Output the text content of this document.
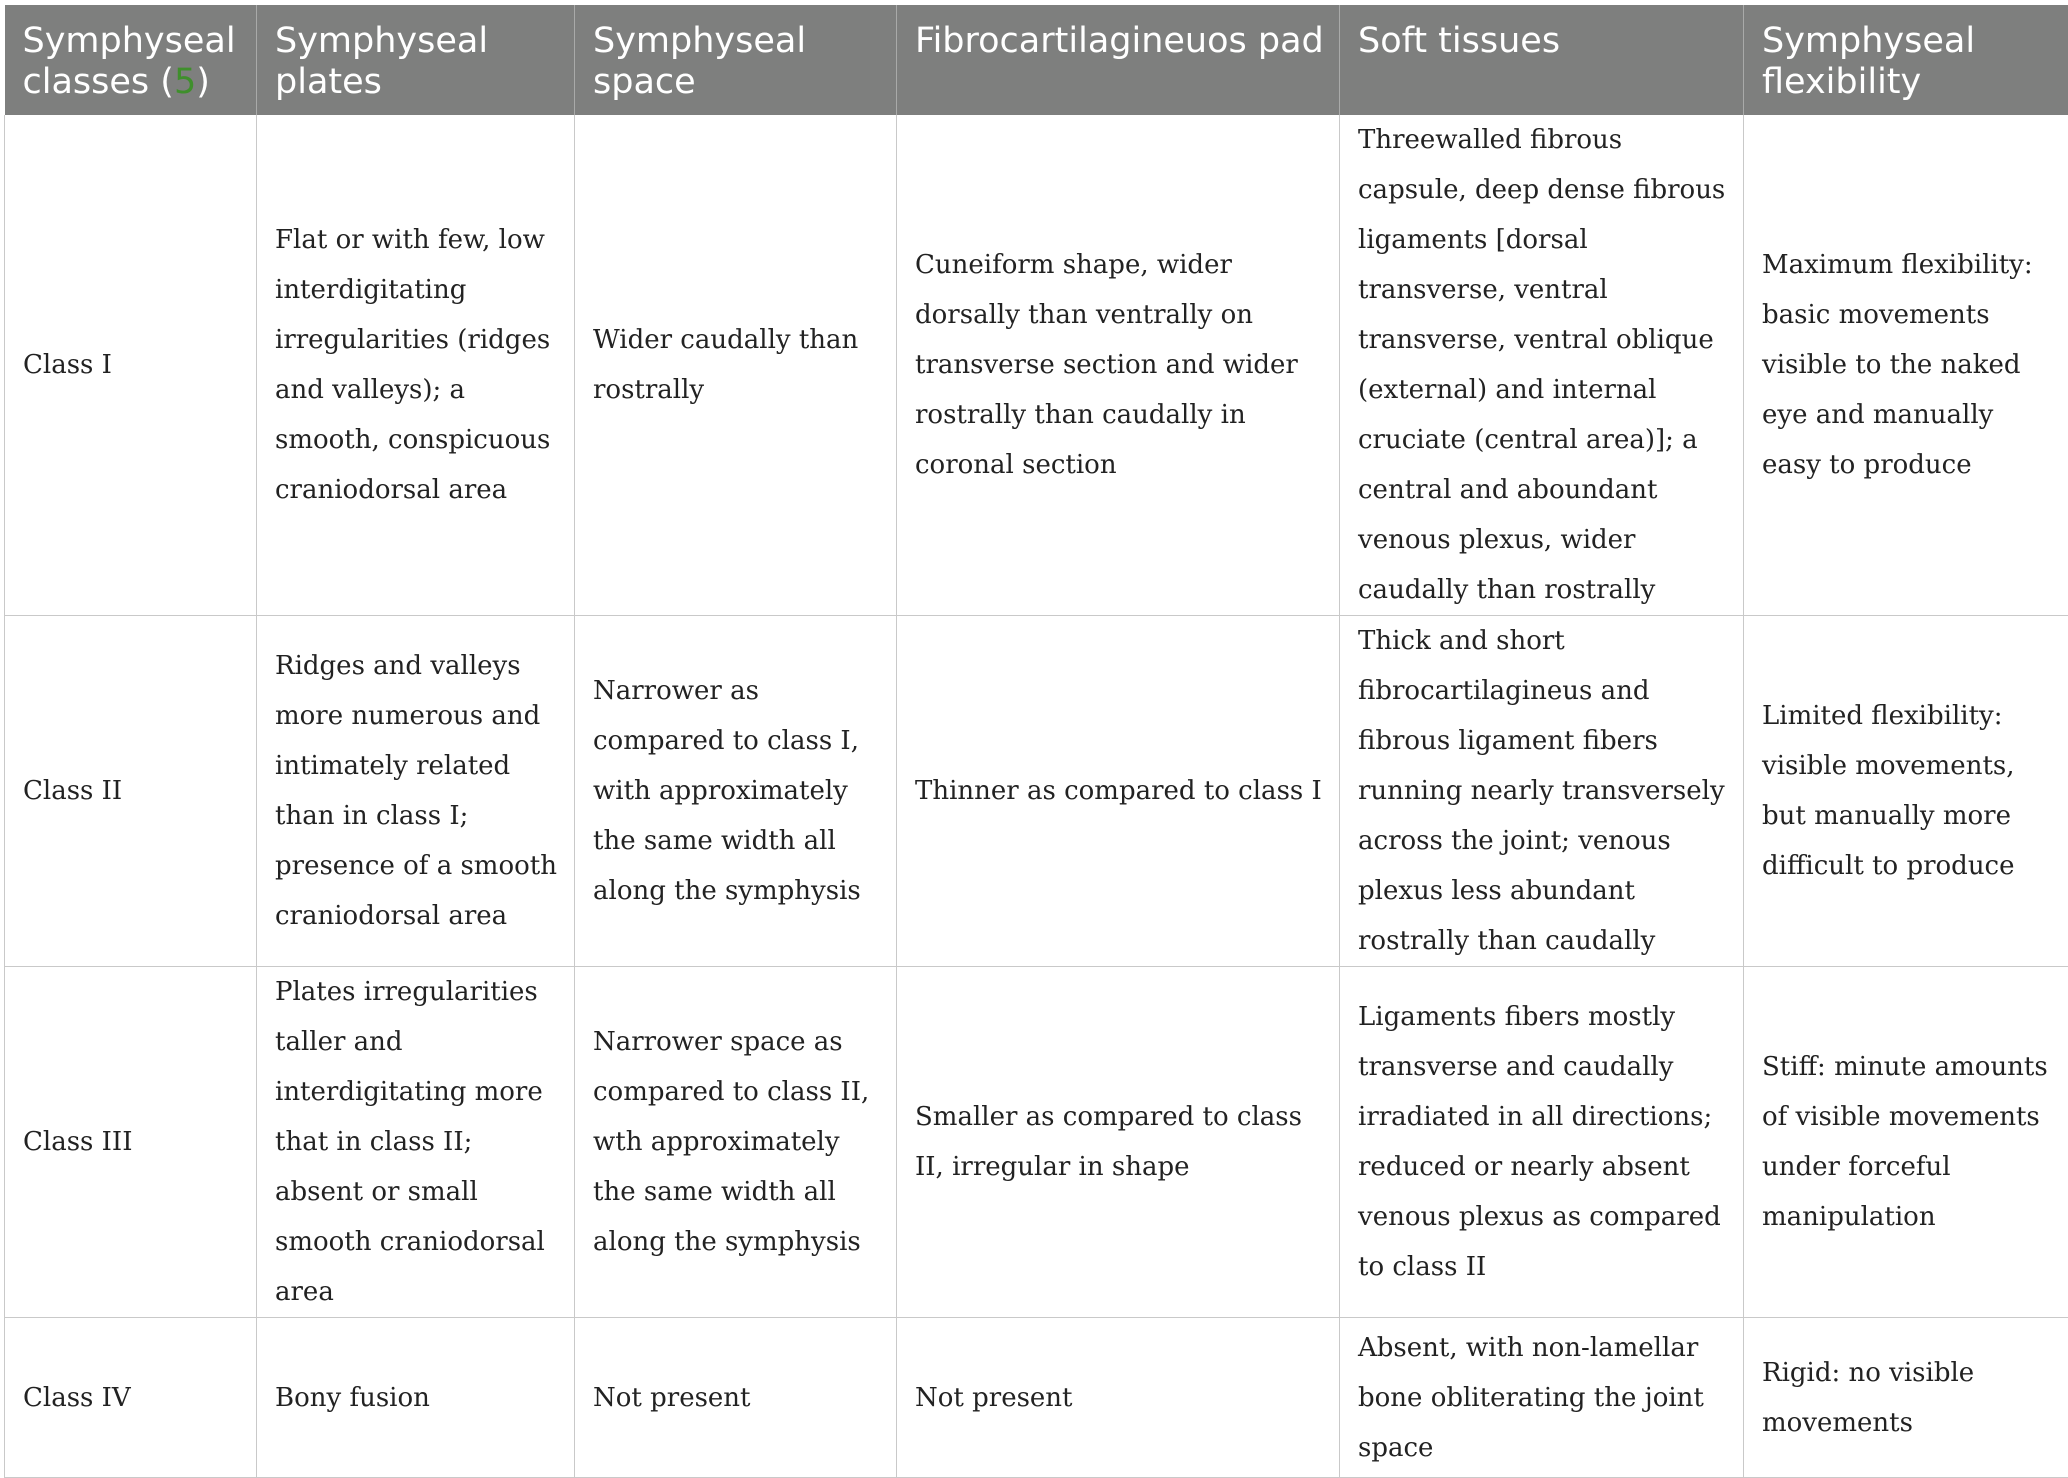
Symphyseal classes (5)	Symphyseal plates	Symphyseal space	Fibrocartilagineuos pad	Soft tissues	Symphyseal flexibility
Class I	Flat or with few, low interdigitating irregularities (ridges and valleys); a smooth, conspicuous craniodorsal area	Wider caudally than rostrally	Cuneiform shape, wider dorsally than ventrally on transverse section and wider rostrally than caudally in coronal section	Threewalled fibrous capsule, deep dense fibrous ligaments [dorsal transverse, ventral transverse, ventral oblique (external) and internal cruciate (central area)]; a central and aboundant venous plexus, wider caudally than rostrally	Maximum flexibility: basic movements visible to the naked eye and manually easy to produce
Class II	Ridges and valleys more numerous and intimately related than in class I; presence of a smooth craniodorsal area	Narrower as compared to class I, with approximately the same width all along the symphysis	Thinner as compared to class I	Thick and short fibrocartilagineus and fibrous ligament fibers running nearly transversely across the joint; venous plexus less abundant rostrally than caudally	Limited flexibility: visible movements, but manually more difficult to produce
Class III	Plates irregularities taller and interdigitating more that in class II; absent or small smooth craniodorsal area	Narrower space as compared to class II, wth approximately the same width all along the symphysis	Smaller as compared to class II, irregular in shape	Ligaments fibers mostly transverse and caudally irradiated in all directions; reduced or nearly absent venous plexus as compared to class II	Stiff: minute amounts of visible movements under forceful manipulation
Class IV	Bony fusion	Not present	Not present	Absent, with non-lamellar bone obliterating the joint space	Rigid: no visible movements
